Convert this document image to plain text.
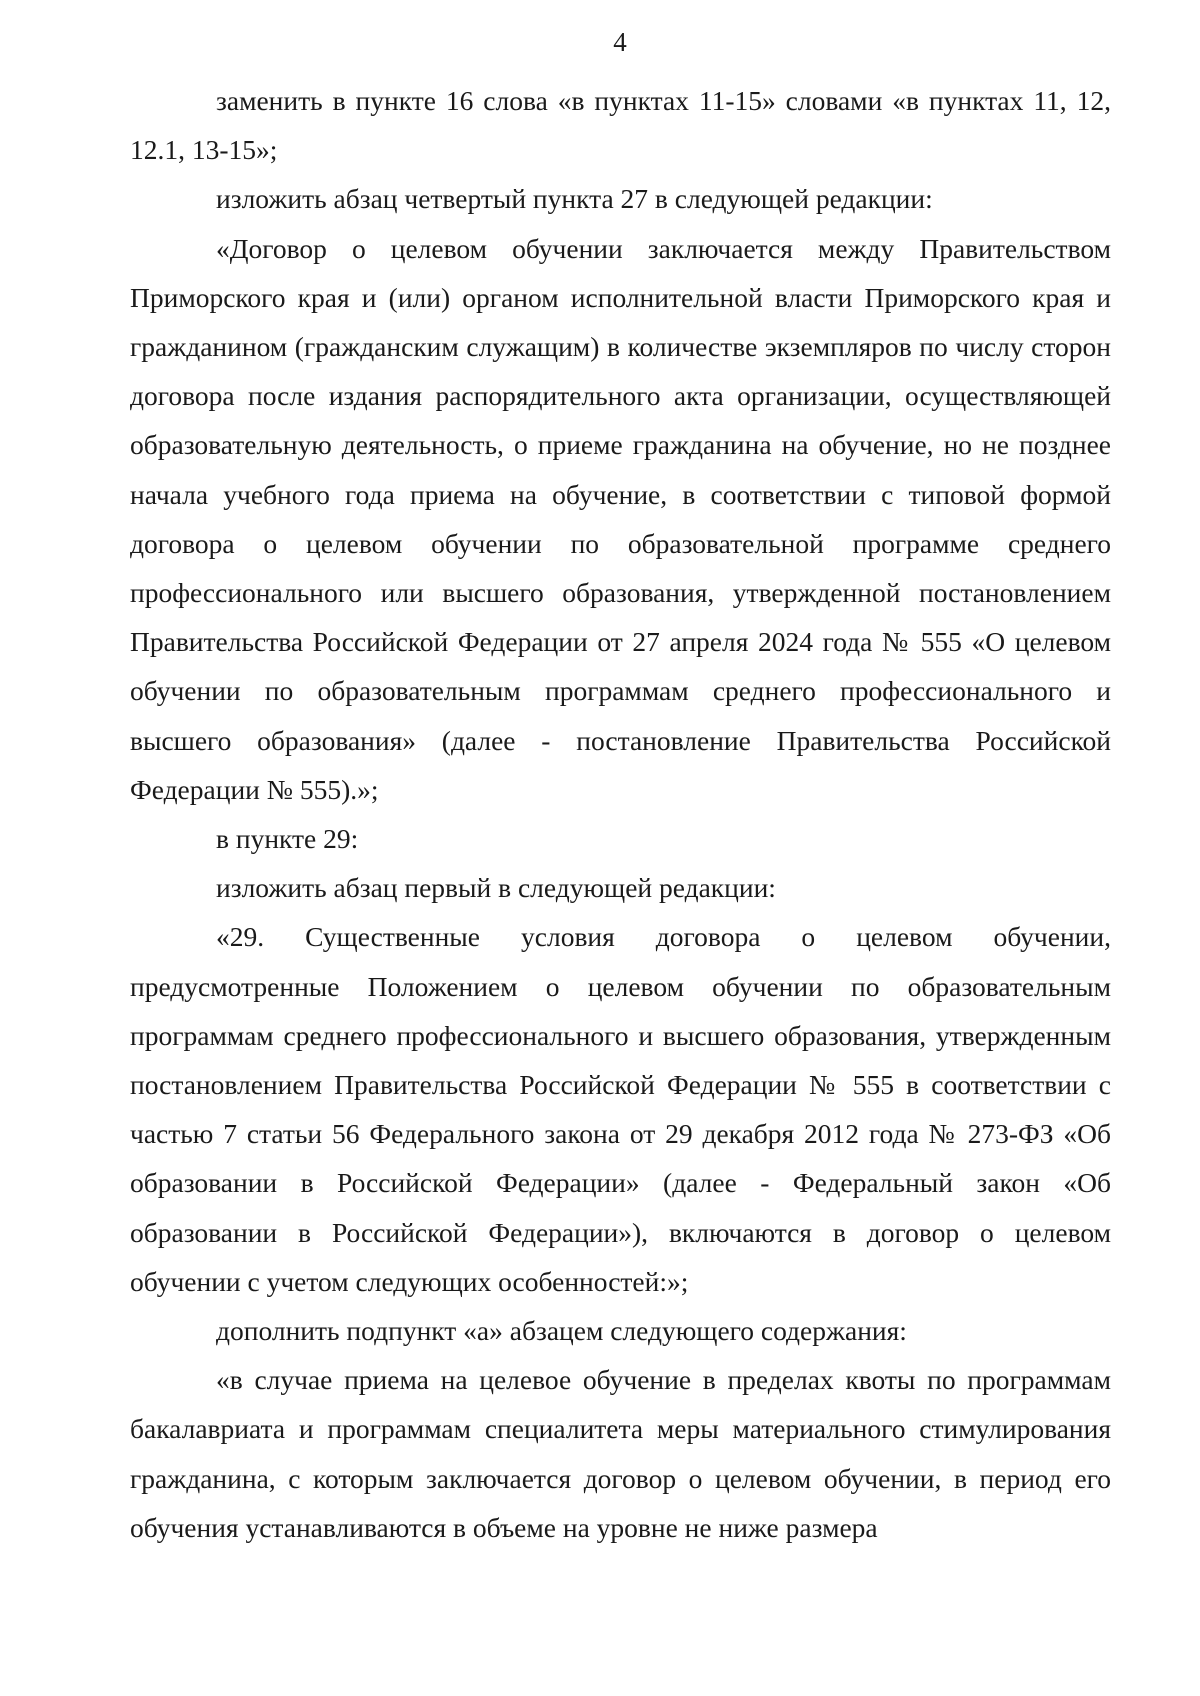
4

заменить в пункте 16 слова «в пунктах 11-15» словами «в пунктах 11, 12, 12.1, 13-15»;

изложить абзац четвертый пункта 27 в следующей редакции:

«Договор о целевом обучении заключается между Правительством Приморского края и (или) органом исполнительной власти Приморского края и гражданином (гражданским служащим) в количестве экземпляров по числу сторон договора после издания распорядительного акта организации, осуществляющей образовательную деятельность, о приеме гражданина на обучение, но не позднее начала учебного года приема на обучение, в соответствии с типовой формой договора о целевом обучении по образовательной программе среднего профессионального или высшего образования, утвержденной постановлением Правительства Российской Федерации от 27 апреля 2024 года № 555 «О целевом обучении по образовательным программам среднего профессионального и высшего образования» (далее - постановление Правительства Российской Федерации № 555).»;

в пункте 29:

изложить абзац первый в следующей редакции:

«29. Существенные условия договора о целевом обучении, предусмотренные Положением о целевом обучении по образовательным программам среднего профессионального и высшего образования, утвержденным постановлением Правительства Российской Федерации № 555 в соответствии с частью 7 статьи 56 Федерального закона от 29 декабря 2012 года № 273-ФЗ «Об образовании в Российской Федерации» (далее - Федеральный закон «Об образовании в Российской Федерации»), включаются в договор о целевом обучении с учетом следующих особенностей:»;

дополнить подпункт «а» абзацем следующего содержания:

«в случае приема на целевое обучение в пределах квоты по программам бакалавриата и программам специалитета меры материального стимулирования гражданина, с которым заключается договор о целевом обучении, в период его обучения устанавливаются в объеме на уровне не ниже размера
